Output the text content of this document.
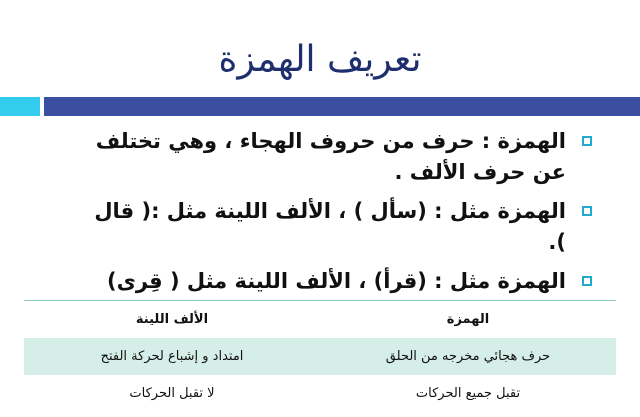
تعريف الهمزة
الهمزة : حرف من حروف الهجاء ، وهي تختلف عن حرف الألف .
الهمزة مثل : (سأل ) ، الألف اللينة مثل :( قال ).
الهمزة مثل : (قرأ) ، الألف اللينة مثل ( قِرى)
الهمزة	الألف اللينة
حرف هجائي مخرجه من الحلق	امتداد و إشباع لحركة الفتح
تقبل جميع الحركات	لا تقبل الحركات
